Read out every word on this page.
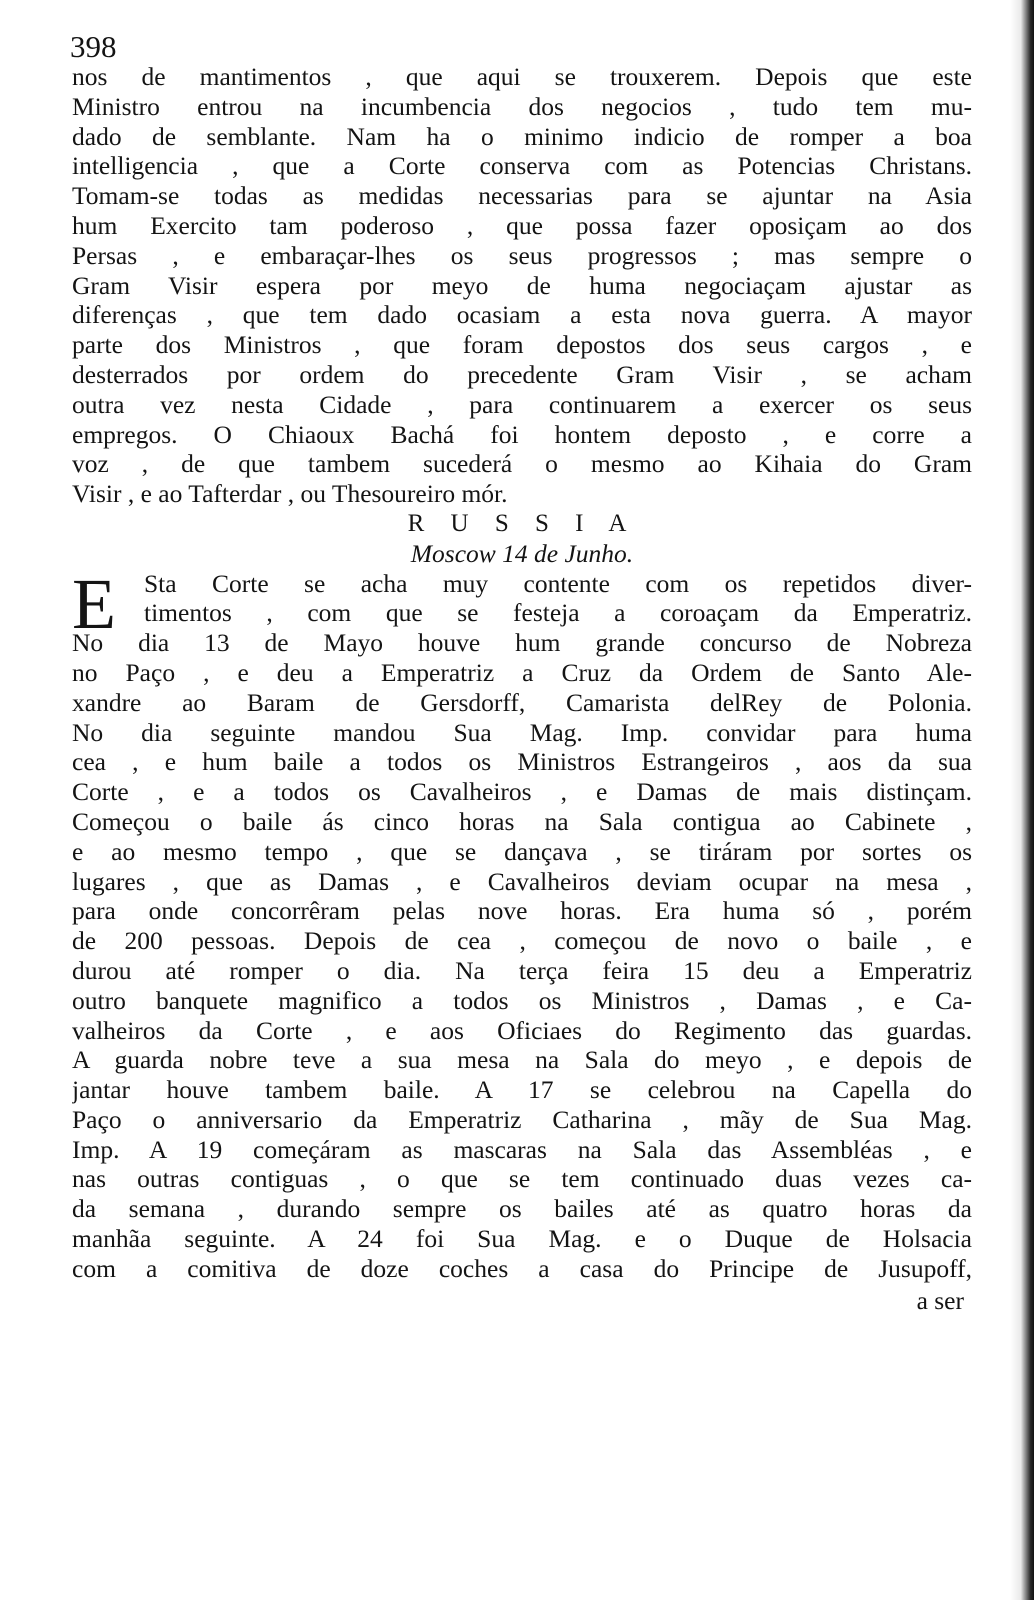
398

nos de mantimentos , que aqui se trouxerem. Depois que este

Ministro entrou na incumbencia dos negocios , tudo tem mu-

dado de semblante. Nam ha o minimo indicio de romper a boa

intelligencia , que a Corte conserva com as Potencias Christans.

Tomam-se todas as medidas necessarias para se ajuntar na Asia

hum Exercito tam poderoso , que possa fazer oposiçam ao dos

Persas , e embaraçar-lhes os seus progressos ; mas sempre o

Gram Visir espera por meyo de huma negociaçam ajustar as

diferenças , que tem dado ocasiam a esta nova guerra. A mayor

parte dos Ministros , que foram depostos dos seus cargos , e

desterrados por ordem do precedente Gram Visir , se acham

outra vez nesta Cidade , para continuarem a exercer os seus

empregos. O Chiaoux Bachá foi hontem deposto , e corre a

voz , de que tambem sucederá o mesmo ao Kihaia do Gram

Visir , e ao Tafterdar , ou Thesoureiro mór.

R U S S I A

Moscow 14 de Junho.

E	Sta Corte se acha muy contente com os repetidos diver-

timentos , com que se festeja a coroaçam da Emperatriz.

No dia 13 de Mayo houve hum grande concurso de Nobreza

no Paço , e deu a Emperatriz a Cruz da Ordem de Santo Ale-

xandre ao Baram de Gersdorff, Camarista delRey de Polonia.

No dia seguinte mandou Sua Mag. Imp. convidar para huma

cea , e hum baile a todos os Ministros Estrangeiros , aos da sua

Corte , e a todos os Cavalheiros , e Damas de mais distinçam.

Começou o baile ás cinco horas na Sala contigua ao Cabinete ,

e ao mesmo tempo , que se dançava , se tiráram por sortes os

lugares , que as Damas , e Cavalheiros deviam ocupar na mesa ,

para onde concorrêram pelas nove horas. Era huma só , porém

de 200 pessoas. Depois de cea , começou de novo o baile , e

durou até romper o dia. Na terça feira 15 deu a Emperatriz

outro banquete magnifico a todos os Ministros , Damas , e Ca-

valheiros da Corte , e aos Oficiaes do Regimento das guardas.

A guarda nobre teve a sua mesa na Sala do meyo , e depois de

jantar houve tambem baile. A 17 se celebrou na Capella do

Paço o anniversario da Emperatriz Catharina , mãy de Sua Mag.

Imp. A 19 começáram as mascaras na Sala das Assembléas , e

nas outras contiguas , o que se tem continuado duas vezes ca-

da semana , durando sempre os bailes até as quatro horas da

manhãa seguinte. A 24 foi Sua Mag. e o Duque de Holsacia

com a comitiva de doze coches a casa do Principe de Jusupoff,

a ser
